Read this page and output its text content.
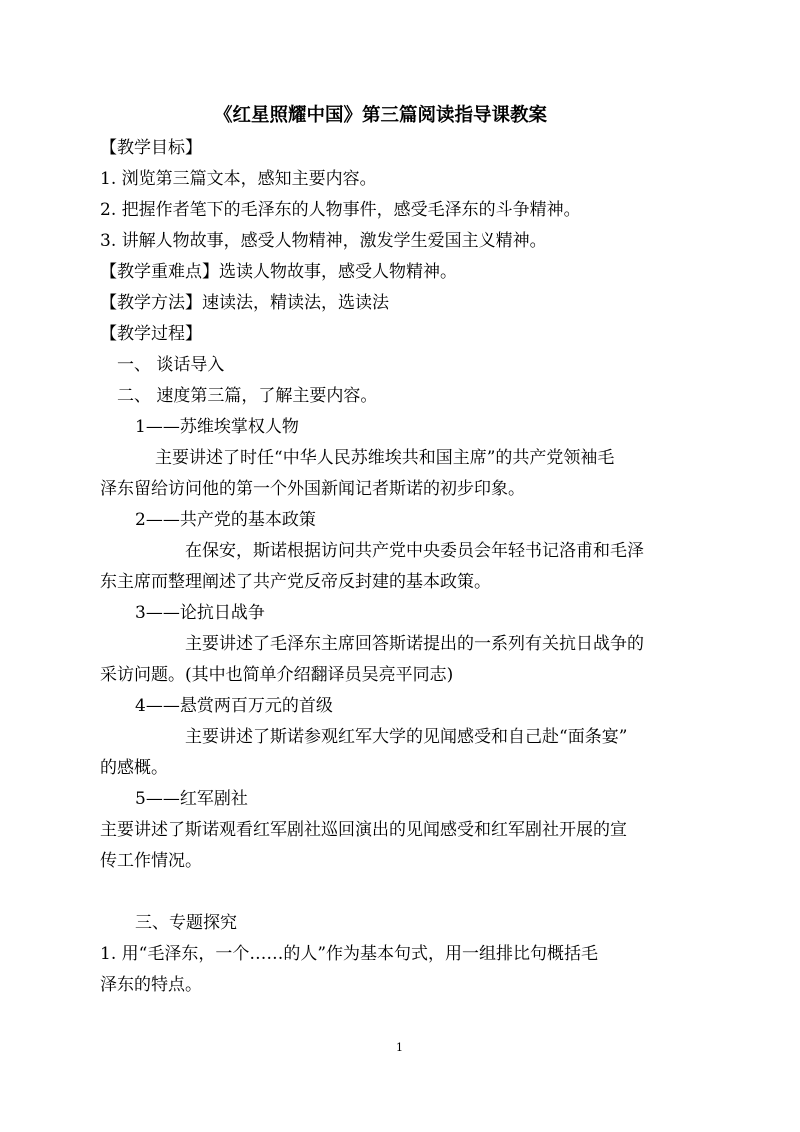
《红星照耀中国》第三篇阅读指导课教案
【教学目标】
1. 浏览第三篇文本，感知主要内容。
2. 把握作者笔下的毛泽东的人物事件，感受毛泽东的斗争精神。
3. 讲解人物故事，感受人物精神，激发学生爱国主义精神。
【教学重难点】选读人物故事，感受人物精神。
【教学方法】速读法，精读法，选读法
【教学过程】
一、 谈话导入
二、 速度第三篇，了解主要内容。
1——苏维埃掌权人物
主要讲述了时任“中华人民苏维埃共和国主席”的共产党领袖毛
泽东留给访问他的第一个外国新闻记者斯诺的初步印象。
2——共产党的基本政策
在保安，斯诺根据访问共产党中央委员会年轻书记洛甫和毛泽
东主席而整理阐述了共产党反帝反封建的基本政策。
3——论抗日战争
主要讲述了毛泽东主席回答斯诺提出的一系列有关抗日战争的
采访问题。(其中也简单介绍翻译员吴亮平同志)
4——悬赏两百万元的首级
主要讲述了斯诺参观红军大学的见闻感受和自己赴“面条宴”
的感概。
5——红军剧社
主要讲述了斯诺观看红军剧社巡回演出的见闻感受和红军剧社开展的宣
传工作情况。
三、专题探究
1. 用“毛泽东，一个……的人”作为基本句式，用一组排比句概括毛
泽东的特点。
1
